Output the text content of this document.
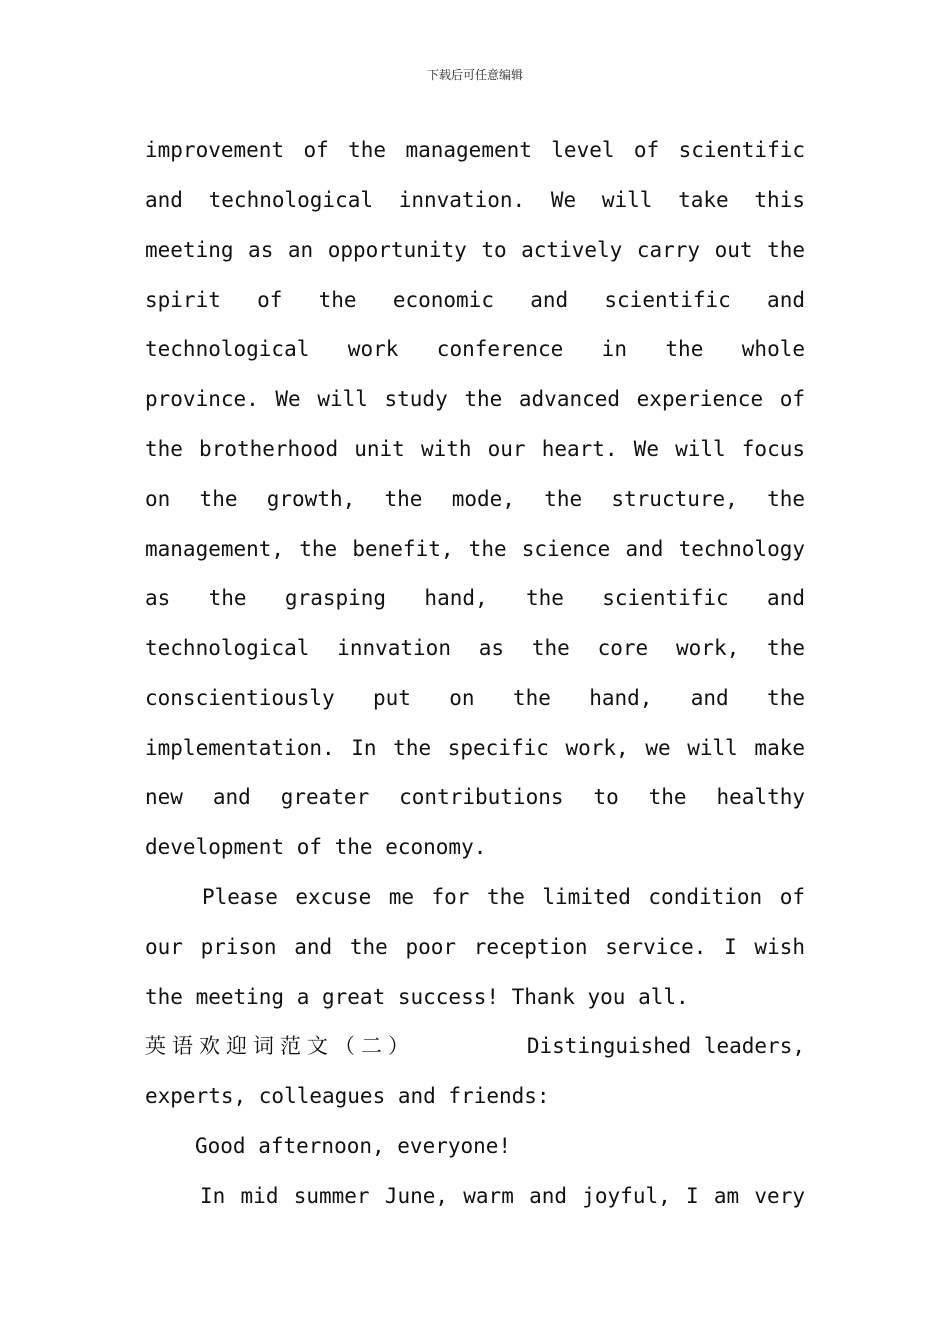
下载后可任意编辑
improvement of the management level of scientific
and technological innvation. We will take this
meeting as an opportunity to actively carry out the
spirit of the economic and scientific and
technological work conference in the whole
province. We will study the advanced experience of
the brotherhood unit with our heart. We will focus
on the growth, the mode, the structure, the
management, the benefit, the science and technology
as the grasping hand, the scientific and
technological innvation as the core work, the
conscientiously put on the hand, and the
implementation. In the specific work, we will make
new and greater contributions to the healthy
development of the economy.
Please excuse me for the limited condition of
our prison and the poor reception service. I wish
the meeting a great success! Thank you all.
英语欢迎词范文（二）	Distinguished leaders,
experts, colleagues and friends:
Good afternoon, everyone!
In mid summer June, warm and joyful, I am very
